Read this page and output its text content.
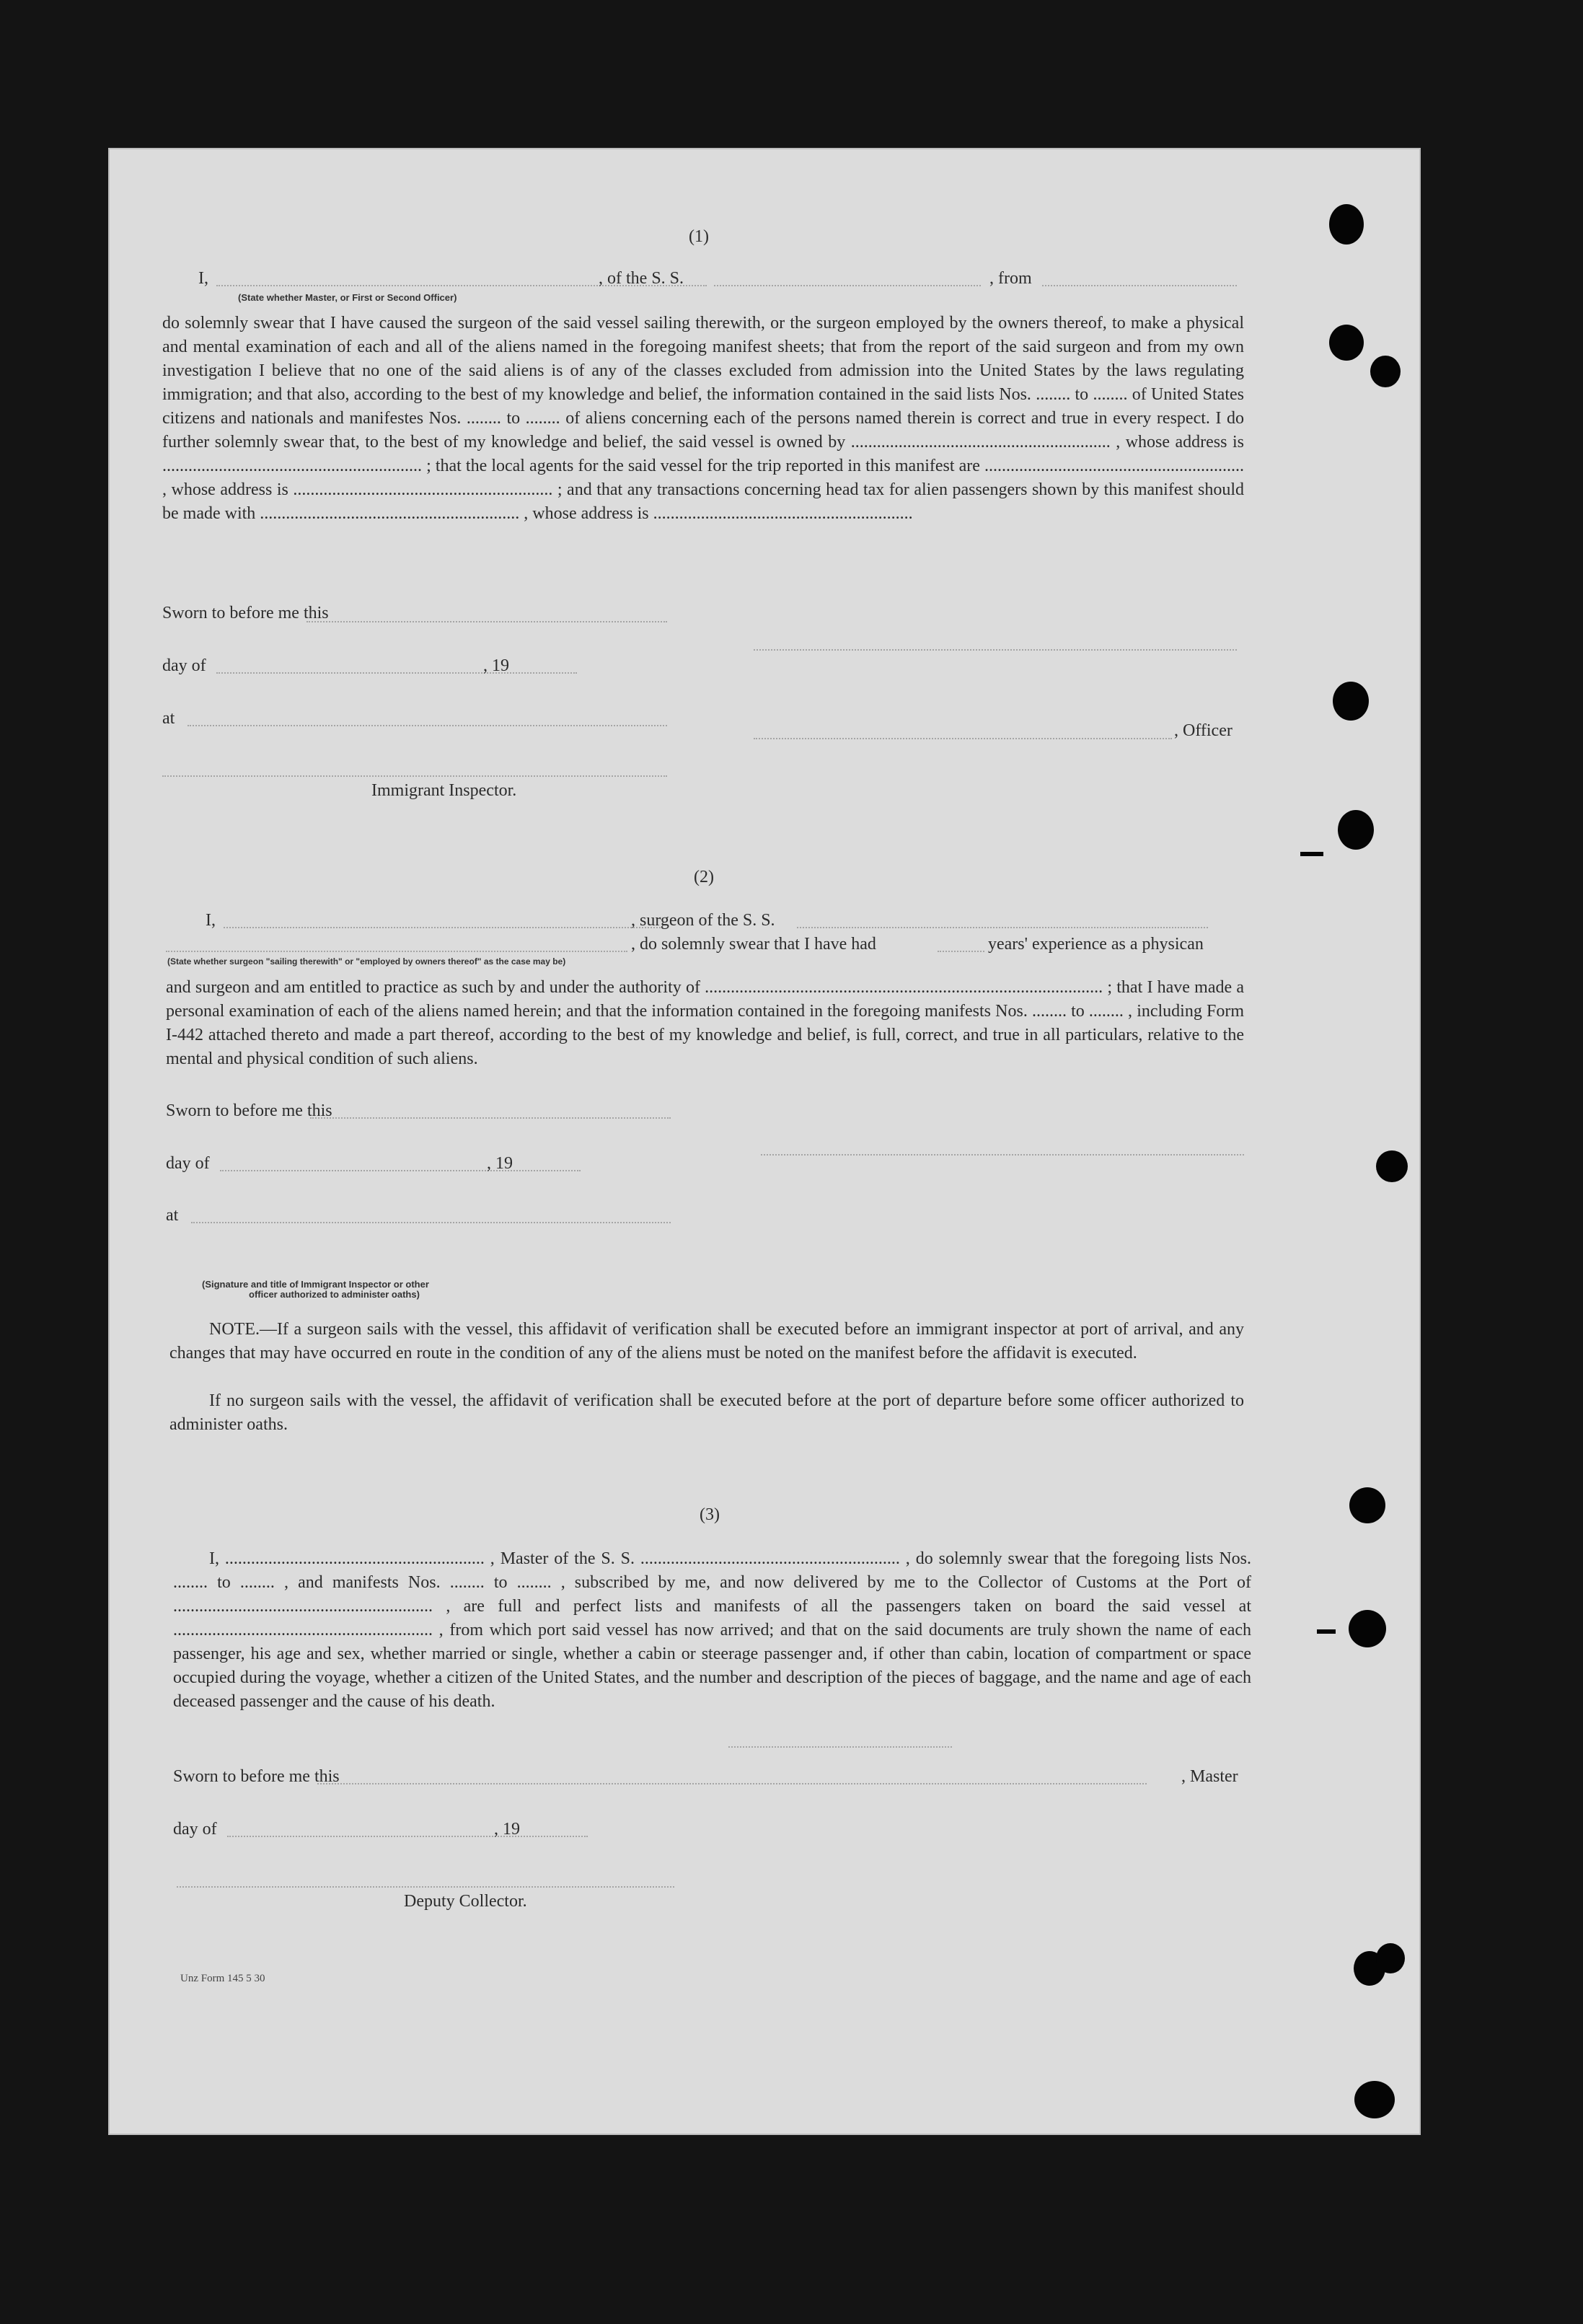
(1)
I,	, of the S. S.	, from
(State whether Master, or First or Second Officer)
do solemnly swear that I have caused the surgeon of the said vessel sailing therewith, or the surgeon employed by the owners thereof, to make a physical and mental examination of each and all of the aliens named in the foregoing manifest sheets; that from the report of the said surgeon and from my own investigation I believe that no one of the said aliens is of any of the classes excluded from admission into the United States by the laws regulating immigration; and that also, according to the best of my knowledge and belief, the information contained in the said lists Nos. ........ to ........ of United States citizens and nationals and manifestes Nos. ........ to ........ of aliens concerning each of the persons named therein is correct and true in every respect. I do further solemnly swear that, to the best of my knowledge and belief, the said vessel is owned by ............................................................ , whose address is ............................................................ ; that the local agents for the said vessel for the trip reported in this manifest are ............................................................ , whose address is ............................................................ ; and that any transactions concerning head tax for alien passengers shown by this manifest should be made with ............................................................ , whose address is ............................................................
Sworn to before me this
day of	, 19
at
, Officer
Immigrant Inspector.
(2)
I,	, surgeon of the S. S.
, do solemnly swear that I have had	years' experience as a physican
(State whether surgeon "sailing therewith" or "employed by owners thereof" as the case may be)
and surgeon and am entitled to practice as such by and under the authority of ............................................................................................ ; that I have made a personal examination of each of the aliens named herein; and that the information contained in the foregoing manifests Nos. ........ to ........ , including Form I-442 attached thereto and made a part thereof, according to the best of my knowledge and belief, is full, correct, and true in all particulars, relative to the mental and physical condition of such aliens.
Sworn to before me this
day of	, 19
at
(Signature and title of Immigrant Inspector or other
officer authorized to administer oaths)
NOTE.—If a surgeon sails with the vessel, this affidavit of verification shall be executed before an immigrant inspector at port of arrival, and any changes that may have occurred en route in the condition of any of the aliens must be noted on the manifest before the affidavit is executed.
If no surgeon sails with the vessel, the affidavit of verification shall be executed before at the port of departure before some officer authorized to administer oaths.
(3)
I, ............................................................ , Master of the S. S. ............................................................ , do solemnly swear that the foregoing lists Nos. ........ to ........ , and manifests Nos. ........ to ........ , subscribed by me, and now delivered by me to the Collector of Customs at the Port of ............................................................ , are full and perfect lists and manifests of all the passengers taken on board the said vessel at ............................................................ , from which port said vessel has now arrived; and that on the said documents are truly shown the name of each passenger, his age and sex, whether married or single, whether a cabin or steerage passenger and, if other than cabin, location of compartment or space occupied during the voyage, whether a citizen of the United States, and the number and description of the pieces of baggage, and the name and age of each deceased passenger and the cause of his death.
Sworn to before me this	, Master
day of	, 19
Deputy Collector.
Unz Form 145 5 30
